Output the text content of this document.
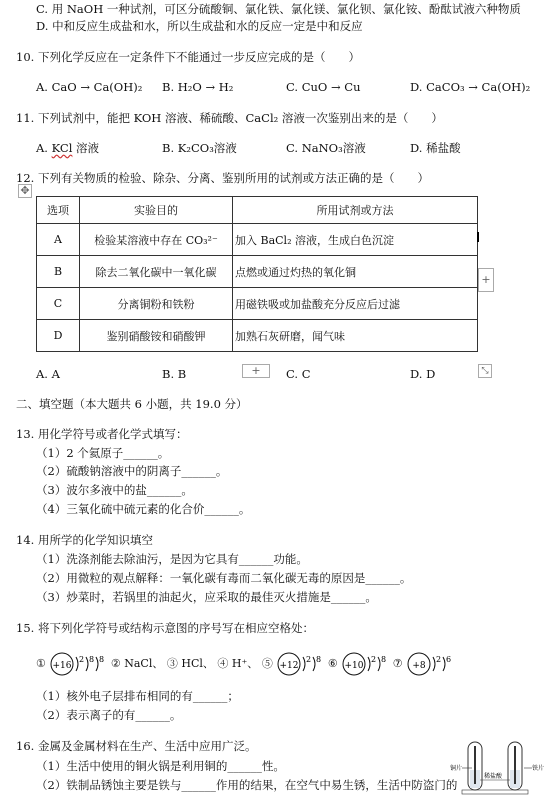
C. 用 NaOH 一种试剂，可区分硫酸铜、氯化铁、氯化镁、氯化钡、氯化铵、酚酞试液六种物质
D. 中和反应生成盐和水，所以生成盐和水的反应一定是中和反应
10. 下列化学反应在一定条件下不能通过一步反应完成的是（　　）
A. CaO → Ca(OH)₂ B. H₂O → H₂	C. CuO → Cu	D. CaCO₃ → Ca(OH)₂
11. 下列试剂中，能把 KOH 溶液、稀硫酸、CaCl₂ 溶液一次鉴别出来的是（　　）
A. KCl 溶液	B. K₂CO₃溶液	C. NaNO₃溶液	D. 稀盐酸
12. 下列有关物质的检验、除杂、分离、鉴别所用的试剂或方法正确的是（　　）
✥
选项	实验目的	所用试剂或方法
A	检验某溶液中存在 CO₃²⁻	加入 BaCl₂ 溶液，生成白色沉淀
B	除去二氧化碳中一氧化碳	点燃或通过灼热的氧化铜
C	分离铜粉和铁粉	用磁铁吸或加盐酸充分反应后过滤
D	鉴别硝酸铵和硝酸钾	加熟石灰研磨，闻气味
+
+	⤡
A. A	B. B	C. C	D. D
二、填空题（本大题共 6 小题，共 19.0 分）
13. 用化学符号或者化学式填写：
（1）2 个氦原子______。
（2）硫酸钠溶液中的阴离子______。
（3）波尔多液中的盐______。
（4）三氧化硫中硫元素的化合价______。
14. 用所学的化学知识填空
（1）洗涤剂能去除油污，是因为它具有______功能。
（2）用微粒的观点解释：一氧化碳有毒而二氧化碳无毒的原因是______。
（3）炒菜时，若锅里的油起火，应采取的最佳灭火措施是______。
15. 将下列化学符号或结构示意图的序号写在相应空格处：
① +16
2 8 8 ② NaCl、 ③ HCl、 ④ H⁺、 ⑤ +12
2 8 ⑥ +10
2 8 ⑦ +8
2 6
（1）核外电子层排布相同的有______；
（2）表示离子的有______。
16. 金属及金属材料在生产、生活中应用广泛。
（1）生活中使用的铜火锅是利用铜的______性。
（2）铁制品锈蚀主要是铁与______作用的结果，在空气中易生锈，生活中防盗门的
铜片
稀盐酸
铁片
